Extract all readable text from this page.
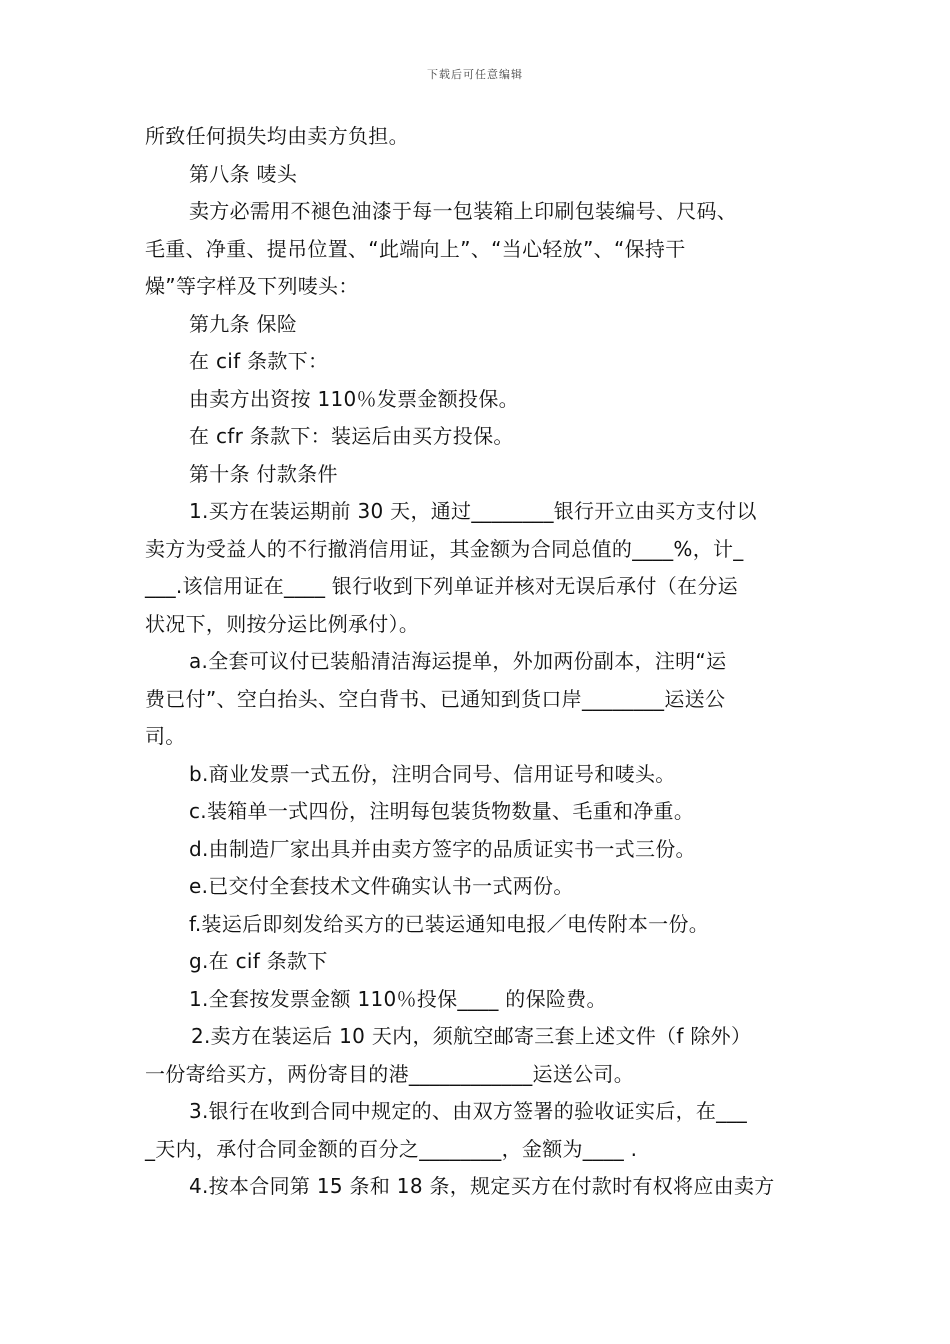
下载后可任意编辑
所致任何损失均由卖方负担。
第八条 唛头
卖方必需用不褪色油漆于每一包装箱上印刷包装编号、尺码、
毛重、净重、提吊位置、“此端向上”、“当心轻放”、“保持干
燥”等字样及下列唛头：
第九条 保险
在 cif 条款下：
由卖方出资按 110％发票金额投保。
在 cfr 条款下：装运后由买方投保。
第十条 付款条件
1.买方在装运期前 30 天，通过________银行开立由买方支付以
卖方为受益人的不行撤消信用证，其金额为合同总值的____%，计_
___.该信用证在____ 银行收到下列单证并核对无误后承付（在分运
状况下，则按分运比例承付）。
a.全套可议付已装船清洁海运提单，外加两份副本，注明“运
费已付”、空白抬头、空白背书、已通知到货口岸________运送公
司。
b.商业发票一式五份，注明合同号、信用证号和唛头。
c.装箱单一式四份，注明每包装货物数量、毛重和净重。
d.由制造厂家出具并由卖方签字的品质证实书一式三份。
e.已交付全套技术文件确实认书一式两份。
f.装运后即刻发给买方的已装运通知电报／电传附本一份。
g.在 cif 条款下
1.全套按发票金额 110％投保____ 的保险费。
2.卖方在装运后 10 天内，须航空邮寄三套上述文件（f 除外）
一份寄给买方，两份寄目的港____________运送公司。
3.银行在收到合同中规定的、由双方签署的验收证实后，在___
_天内，承付合同金额的百分之________，金额为____ .
4.按本合同第 15 条和 18 条，规定买方在付款时有权将应由卖方
